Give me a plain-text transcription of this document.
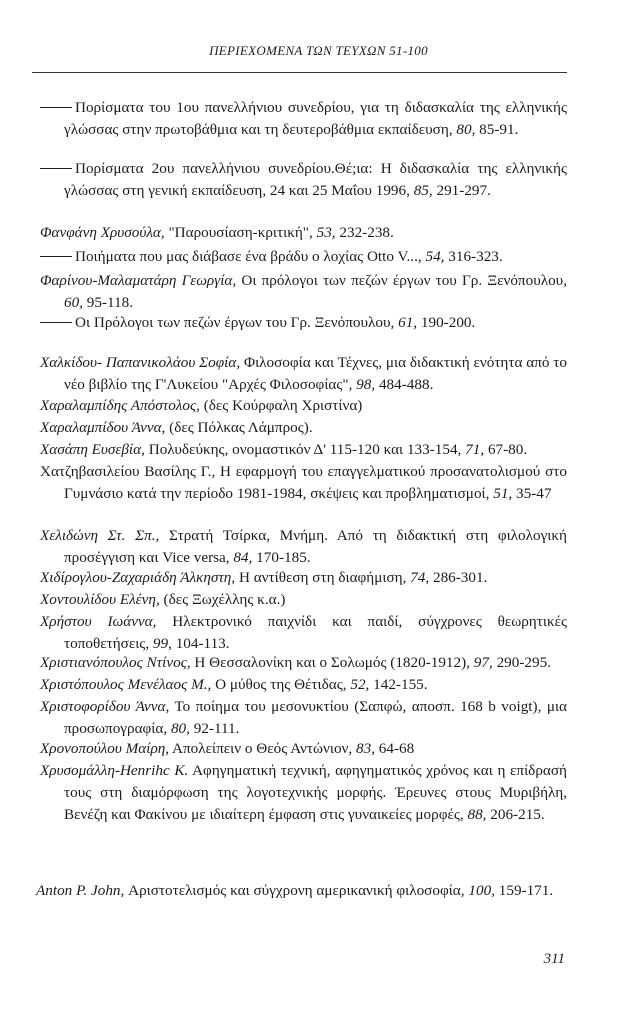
ΠΕΡΙΕΧΟΜΕΝΑ ΤΩΝ ΤΕΥΧΩΝ 51-100
Πορίσματα του 1ου πανελλήνιου συνεδρίου, για τη διδασκαλία της ελληνικής γλώσσας στην πρωτοβάθμια και τη δευτεροβάθμια εκπαίδευση, 80, 85-91.
Πορίσματα 2ου πανελλήνιου συνεδρίου.Θέ;ια: Η διδασκαλία της ελληνικής γλώσσας στη γενική εκπαίδευση, 24 και 25 Μαΐου 1996, 85, 291-297.
Φανφάνη Χρυσούλα, "Παρουσίαση-κριτική", 53, 232-238.
Ποιήματα που μας διάβασε ένα βράδυ ο λοχίας Otto V..., 54, 316-323.
Φαρίνου-Μαλαματάρη Γεωργία, Οι πρόλογοι των πεζών έργων του Γρ. Ξενόπουλου, 60, 95-118.
Οι Πρόλογοι των πεζών έργων του Γρ. Ξενόπουλου, 61, 190-200.
Χαλκίδου- Παπανικολάου Σοφία, Φιλοσοφία και Τέχνες, μια διδακτική ενότητα από το νέο βιβλίο της Γ'Λυκείου "Αρχές Φιλοσοφίας", 98, 484-488.
Χαραλαμπίδης Απόστολος, (δες Κούρφαλη Χριστίνα)
Χαραλαμπίδου Άννα, (δες Πόλκας Λάμπρος).
Χασάπη Ευσεβία, Πολυδεύκης, ονομαστικόν Δ' 115-120 και 133-154, 71, 67-80.
Χατζηβασιλείου Βασίλης Γ., Η εφαρμογή του επαγγελματικού προσανατολισμού στο Γυμνάσιο κατά την περίοδο 1981-1984, σκέψεις και προβληματισμοί, 51, 35-47
Χελιδώνη Στ. Σπ., Στρατή Τσίρκα, Μνήμη. Από τη διδακτική στη φιλολογική προσέγγιση και Vice versa, 84, 170-185.
Χιδίρογλου-Ζαχαριάδη Άλκηστη, Η αντίθεση στη διαφήμιση, 74, 286-301.
Χοντουλίδου Ελένη, (δες Ξωχέλλης κ.α.)
Χρήστου Ιωάννα, Ηλεκτρονικό παιχνίδι και παιδί, σύγχρονες θεωρητικές τοποθετήσεις, 99, 104-113.
Χριστιανόπουλος Ντίνος, Η Θεσσαλονίκη και ο Σολωμός (1820-1912), 97, 290-295.
Χριστόπουλος Μενέλαος Μ., Ο μύθος της Θέτιδας, 52, 142-155.
Χριστοφορίδου Άννα, Το ποίημα του μεσονυκτίου (Σαπφώ, αποσπ. 168 b voigt), μια προσωπογραφία, 80, 92-111.
Χρονοπούλου Μαίρη, Απολείπειν ο Θεός Αντώνιον, 83, 64-68
Χρυσομάλλη-Henrihc Κ. Αφηγηματική τεχνική, αφηγηματικός χρόνος και η επίδρασή τους στη διαμόρφωση της λογοτεχνικής μορφής. Έρευνες στους Μυριβήλη, Βενέζη και Φακίνου με ιδιαίτερη έμφαση στις γυναικείες μορφές, 88, 206-215.
Anton P. John, Αριστοτελισμός και σύγχρονη αμερικανική φιλοσοφία, 100, 159-171.
311
